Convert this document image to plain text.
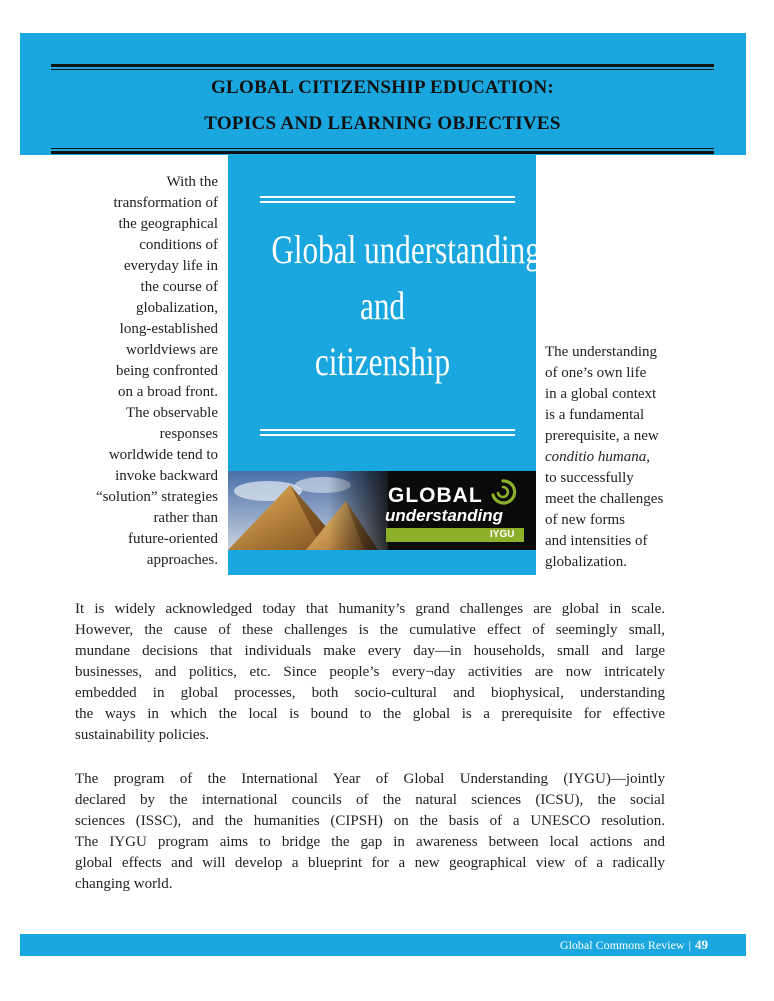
GLOBAL CITIZENSHIP EDUCATION:
TOPICS AND LEARNING OBJECTIVES
With the
transformation of
the geographical
conditions of
everyday life in
the course of
globalization,
long-established
worldviews are
being confronted
on a broad front.
The observable
responses
worldwide tend to
invoke backward
“solution” strategies
rather than
future-oriented
approaches.
Global understanding
and
citizenship
GLOBAL
understanding
IYGU
The understanding
of one’s own life
in a global context
is a fundamental
prerequisite, a new
conditio humana,
to successfully
meet the challenges
of new forms
and intensities of
globalization.
It is widely acknowledged today that humanity’s grand challenges are global in scale.
However, the cause of these challenges is the cumulative effect of seemingly small,
mundane decisions that individuals make every day—in households, small and large
businesses, and politics, etc. Since people’s every¬day activities are now intricately
embedded in global processes, both socio-cultural and biophysical, understanding
the ways in which the local is bound to the global is a prerequisite for effective
sustainability policies.
The program of the International Year of Global Understanding (IYGU)—jointly
declared by the international councils of the natural sciences (ICSU), the social
sciences (ISSC), and the humanities (CIPSH) on the basis of a UNESCO resolution.
The IYGU program aims to bridge the gap in awareness between local actions and
global effects and will develop a blueprint for a new geographical view of a radically
changing world.
Global Commons Review | 49
